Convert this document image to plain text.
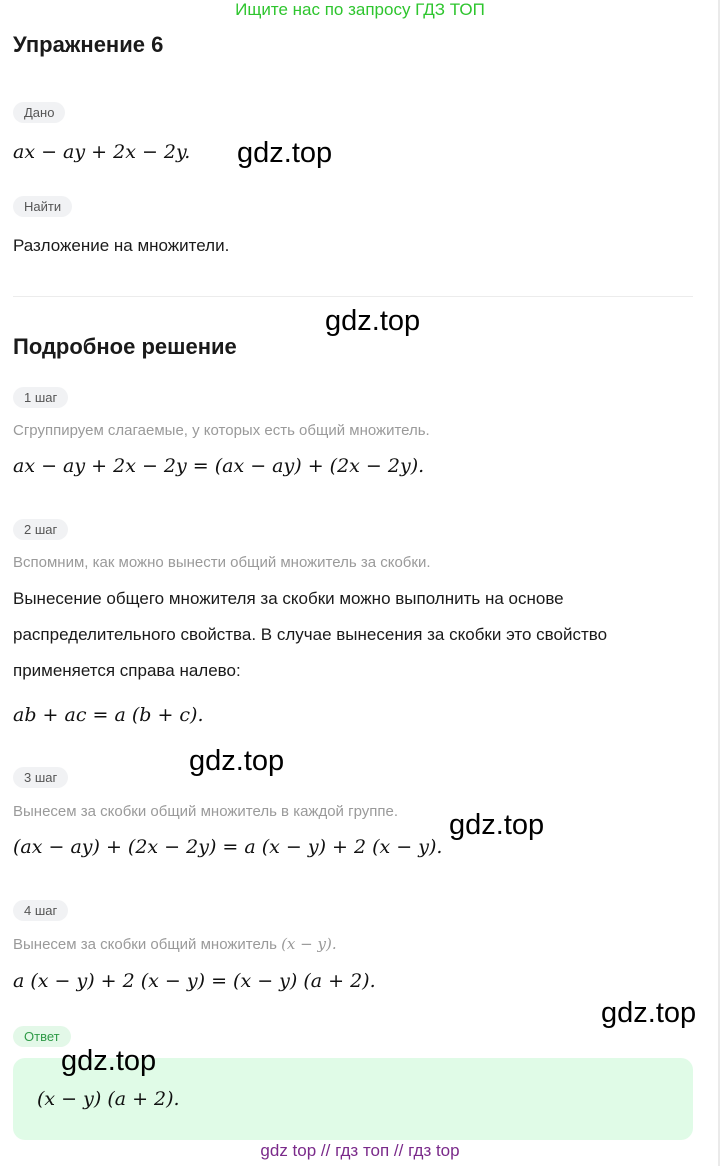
Ищите нас по запросу ГДЗ ТОП
Упражнение 6
Дано
ax − ay + 2x − 2y.
Найти
Разложение на множители.
Подробное решение
1 шаг
Сгруппируем слагаемые, у которых есть общий множитель.
ax − ay + 2x − 2y = (ax − ay) + (2x − 2y).
2 шаг
Вспомним, как можно вынести общий множитель за скобки.
Вынесение общего множителя за скобки можно выполнить на основе
распределительного свойства. В случае вынесения за скобки это свойство
применяется справа налево:
ab + ac = a (b + c).
3 шаг
Вынесем за скобки общий множитель в каждой группе.
(ax − ay) + (2x − 2y) = a (x − y) + 2 (x − y).
4 шаг
Вынесем за скобки общий множитель (x − y).
a (x − y) + 2 (x − y) = (x − y) (a + 2).
Ответ
(x − y) (a + 2).
gdz.top
gdz.top
gdz.top
gdz.top
gdz.top
gdz.top
gdz top // гдз топ // гдз top
